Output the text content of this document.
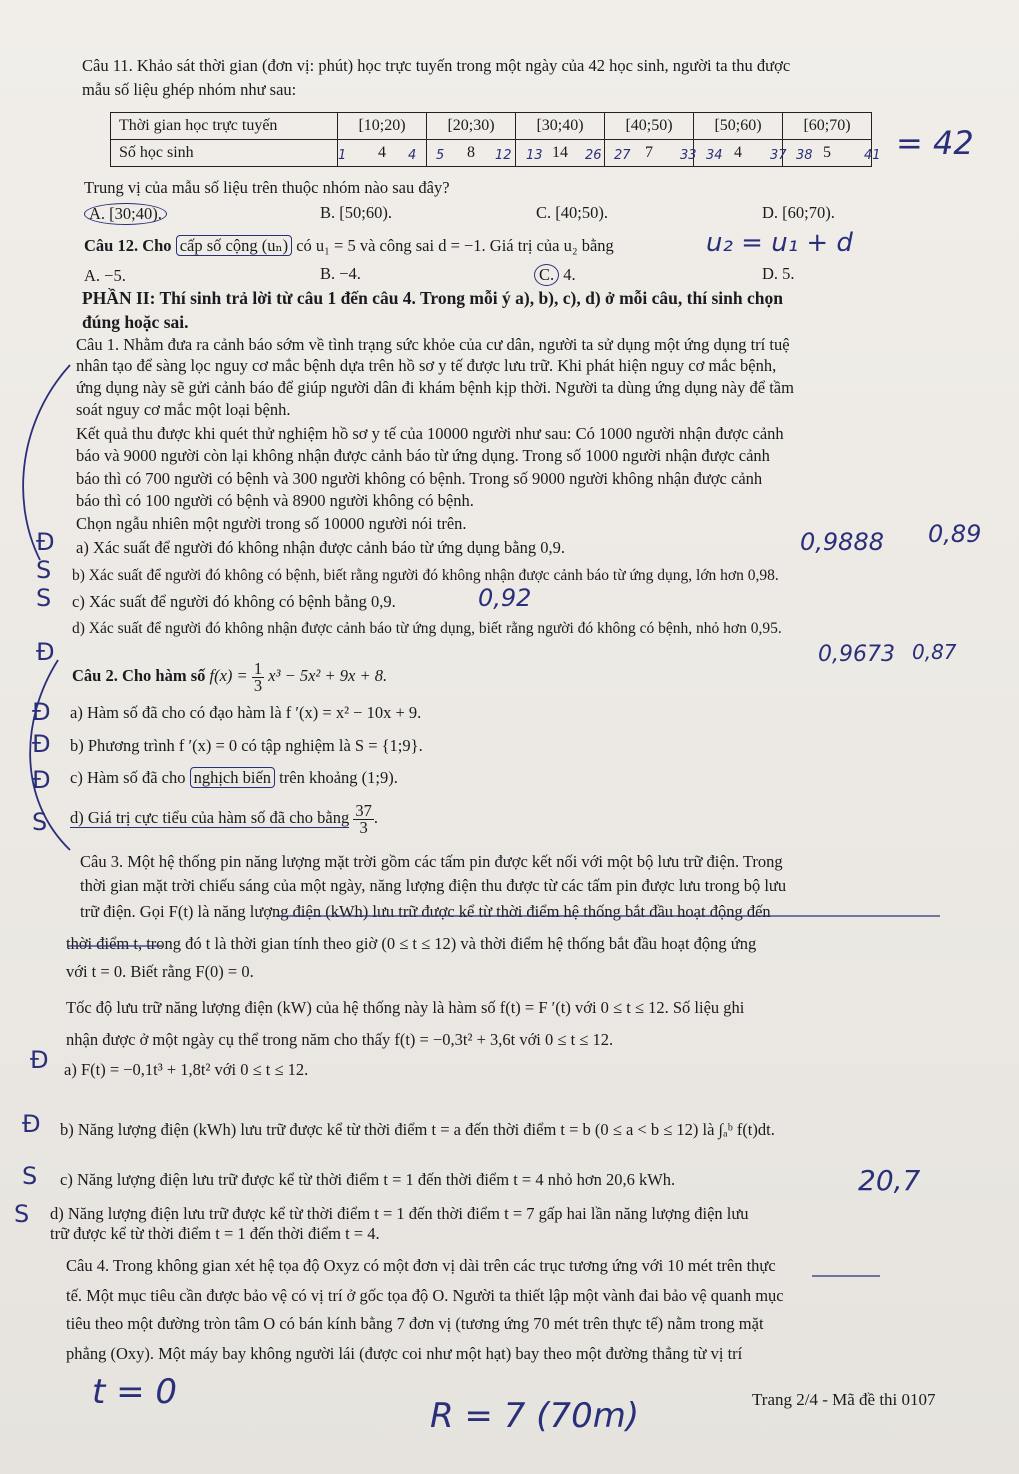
Câu 11. Khảo sát thời gian (đơn vị: phút) học trực tuyến trong một ngày của 42 học sinh, người ta thu được
mẫu số liệu ghép nhóm như sau:
Thời gian học trực tuyến	[10;20)	[20;30)	[30;40)	[40;50)	[50;60)	[60;70)
Số học sinh	4	8	14	7	4	5
1	4 5	12 13	26 27	33 34	37 38	41 = 42
Trung vị của mẫu số liệu trên thuộc nhóm nào sau đây?
A. [30;40).	B. [50;60).	C. [40;50).	D. [60;70).
Câu 12. Cho cấp số cộng (uₙ) có u₁ = 5 và công sai d = −1. Giá trị của u₂ bằng	u₂ = u₁ + d
A. −5.	B. −4.	C. 4.	D. 5.
PHẦN II: Thí sinh trả lời từ câu 1 đến câu 4. Trong mỗi ý a), b), c), d) ở mỗi câu, thí sinh chọn
đúng hoặc sai.
Câu 1. Nhằm đưa ra cảnh báo sớm về tình trạng sức khỏe của cư dân, người ta sử dụng một ứng dụng trí tuệ
nhân tạo để sàng lọc nguy cơ mắc bệnh dựa trên hồ sơ y tế được lưu trữ. Khi phát hiện nguy cơ mắc bệnh,
ứng dụng này sẽ gửi cảnh báo để giúp người dân đi khám bệnh kịp thời. Người ta dùng ứng dụng này để tầm
soát nguy cơ mắc một loại bệnh.
Kết quả thu được khi quét thử nghiệm hồ sơ y tế của 10000 người như sau: Có 1000 người nhận được cảnh
báo và 9000 người còn lại không nhận được cảnh báo từ ứng dụng. Trong số 1000 người nhận được cảnh
báo thì có 700 người có bệnh và 300 người không có bệnh. Trong số 9000 người không nhận được cảnh
báo thì có 100 người có bệnh và 8900 người không có bệnh.
Chọn ngẫu nhiên một người trong số 10000 người nói trên.
a) Xác suất để người đó không nhận được cảnh báo từ ứng dụng bằng 0,9.
b) Xác suất để người đó không có bệnh, biết rằng người đó không nhận được cảnh báo từ ứng dụng, lớn hơn 0,98.
c) Xác suất để người đó không có bệnh bằng 0,9.
d) Xác suất để người đó không nhận được cảnh báo từ ứng dụng, biết rằng người đó không có bệnh, nhỏ hơn 0,95.
0,9888 0,89
0,92
0,9673 0,87
Câu 2. Cho hàm số $f(x) = \frac{1}{3} x^3 - 5x^2 + 9x + 8$.
a) Hàm số đã cho có đạo hàm là f ′(x) = x² − 10x + 9.
b) Phương trình f ′(x) = 0 có tập nghiệm là S = {1;9}.
c) Hàm số đã cho nghịch biến trên khoảng (1;9).
d) Giá trị cực tiểu của hàm số đã cho bằng $\frac{37}{3}$ .
Câu 3. Một hệ thống pin năng lượng mặt trời gồm các tấm pin được kết nối với một bộ lưu trữ điện. Trong
thời gian mặt trời chiếu sáng của một ngày, năng lượng điện thu được từ các tấm pin được lưu trong bộ lưu
trữ điện. Gọi F(t) là năng lượng điện (kWh) lưu trữ được kể từ thời điểm hệ thống bắt đầu hoạt động đến
thời điểm t, trong đó t là thời gian tính theo giờ (0 ≤ t ≤ 12) và thời điểm hệ thống bắt đầu hoạt động ứng
với t = 0. Biết rằng F(0) = 0.
Tốc độ lưu trữ năng lượng điện (kW) của hệ thống này là hàm số f(t) = F ′(t) với 0 ≤ t ≤ 12. Số liệu ghi
nhận được ở một ngày cụ thể trong năm cho thấy f(t) = −0,3t² + 3,6t với 0 ≤ t ≤ 12.
a) F(t) = −0,1t³ + 1,8t² với 0 ≤ t ≤ 12.
b) Năng lượng điện (kWh) lưu trữ được kể từ thời điểm t = a đến thời điểm t = b (0 ≤ a < b ≤ 12) là ∫ₐᵇ f(t)dt.
c) Năng lượng điện lưu trữ được kể từ thời điểm t = 1 đến thời điểm t = 4 nhỏ hơn 20,6 kWh.
d) Năng lượng điện lưu trữ được kể từ thời điểm t = 1 đến thời điểm t = 7 gấp hai lần năng lượng điện lưu
trữ được kể từ thời điểm t = 1 đến thời điểm t = 4.
20,7
Câu 4. Trong không gian xét hệ tọa độ Oxyz có một đơn vị dài trên các trục tương ứng với 10 mét trên thực
tế. Một mục tiêu cần được bảo vệ có vị trí ở gốc tọa độ O. Người ta thiết lập một vành đai bảo vệ quanh mục
tiêu theo một đường tròn tâm O có bán kính bằng 7 đơn vị (tương ứng 70 mét trên thực tế) nằm trong mặt
phẳng (Oxy). Một máy bay không người lái (được coi như một hạt) bay theo một đường thẳng từ vị trí
t = 0
R = 7 (70m)	Trang 2/4 - Mã đề thi 0107
Đ
S
S
Đ
Đ
Đ
Đ
S
Đ
Đ
S
S
